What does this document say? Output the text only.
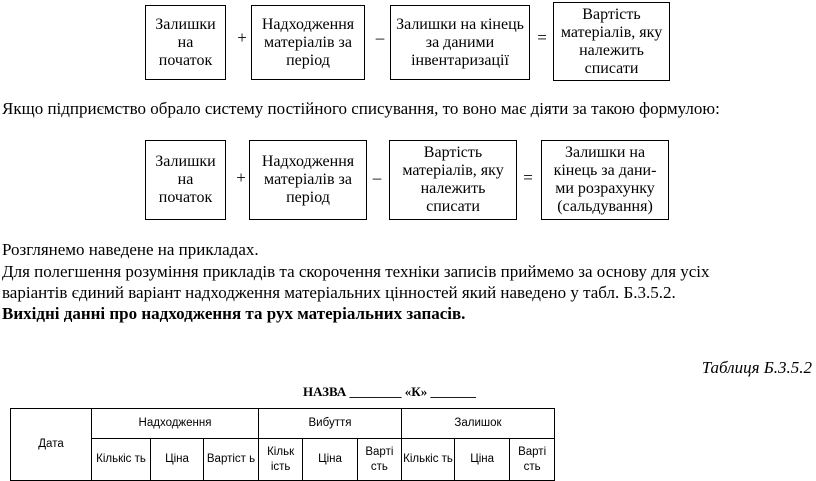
Залишки на початок
+
Надходження матеріалів за період
–
Залишки на кінець за даними інвентаризації
=
Вартість матеріалів, яку належить списати
Якщо підприємство обрало систему постійного списування, то воно має діяти за такою формулою:
Залишки на початок
+
Надходження матеріалів за період
–
Вартість матеріалів, яку належить списати
=
Залишки на кінець за дани-ми розрахунку (сальдування)
Розглянемо наведене на прикладах.
Для полегшення розуміння прикладів та скорочення техніки записів приймемо за основу для усіх
варіантів єдиний варіант надходження матеріальних цінностей який наведено у табл. Б.3.5.2.
Вихідні данні про надходження та рух матеріальних запасів.
Таблиця Б.3.5.2
НАЗВА ________ «К» _______
Дата	Надходження			Вибуття			Залишок		
	Кількіс ть	Ціна	Вартіст ь	Кільк ість	Ціна	Варті сть	Кількіс ть	Ціна	Варті сть
